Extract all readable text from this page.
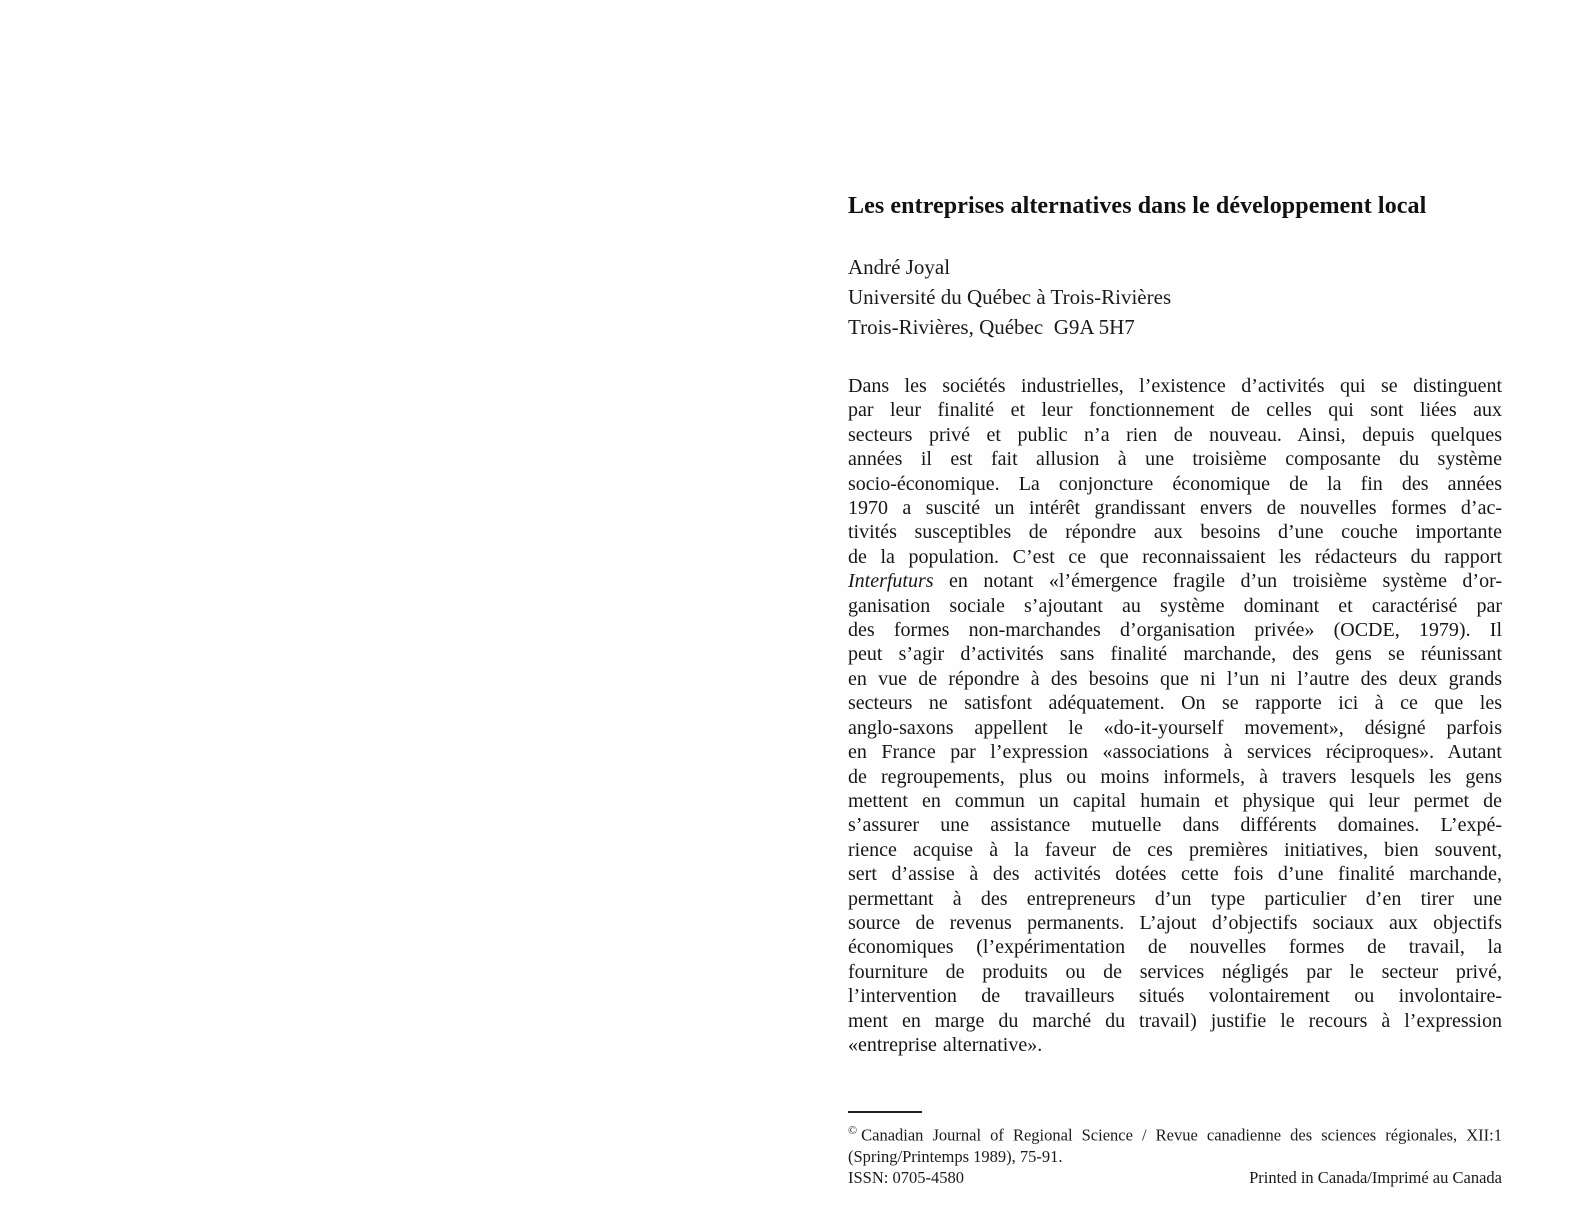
Les entreprises alternatives dans le développement local
André Joyal
Université du Québec à Trois-Rivières
Trois-Rivières, Québec  G9A 5H7
Dans les sociétés industrielles, l’existence d’activités qui se distinguent
par leur finalité et leur fonctionnement de celles qui sont liées aux
secteurs privé et public n’a rien de nouveau. Ainsi, depuis quelques
années il est fait allusion à une troisième composante du système
socio-économique. La conjoncture économique de la fin des années
1970 a suscité un intérêt grandissant envers de nouvelles formes d’ac-
tivités susceptibles de répondre aux besoins d’une couche importante
de la population. C’est ce que reconnaissaient les rédacteurs du rapport
Interfuturs en notant «l’émergence fragile d’un troisième système d’or-
ganisation sociale s’ajoutant au système dominant et caractérisé par
des formes non-marchandes d’organisation privée» (OCDE, 1979). Il
peut s’agir d’activités sans finalité marchande, des gens se réunissant
en vue de répondre à des besoins que ni l’un ni l’autre des deux grands
secteurs ne satisfont adéquatement. On se rapporte ici à ce que les
anglo-saxons appellent le «do-it-yourself movement», désigné parfois
en France par l’expression «associations à services réciproques». Autant
de regroupements, plus ou moins informels, à travers lesquels les gens
mettent en commun un capital humain et physique qui leur permet de
s’assurer une assistance mutuelle dans différents domaines. L’expé-
rience acquise à la faveur de ces premières initiatives, bien souvent,
sert d’assise à des activités dotées cette fois d’une finalité marchande,
permettant à des entrepreneurs d’un type particulier d’en tirer une
source de revenus permanents. L’ajout d’objectifs sociaux aux objectifs
économiques (l’expérimentation de nouvelles formes de travail, la
fourniture de produits ou de services négligés par le secteur privé,
l’intervention de travailleurs situés volontairement ou involontaire-
ment en marge du marché du travail) justifie le recours à l’expression
«entreprise alternative».
© Canadian Journal of Regional Science / Revue canadienne des sciences régionales, XII:1
(Spring/Printemps 1989), 75-91.
ISSN: 0705-4580	Printed in Canada/Imprimé au Canada
